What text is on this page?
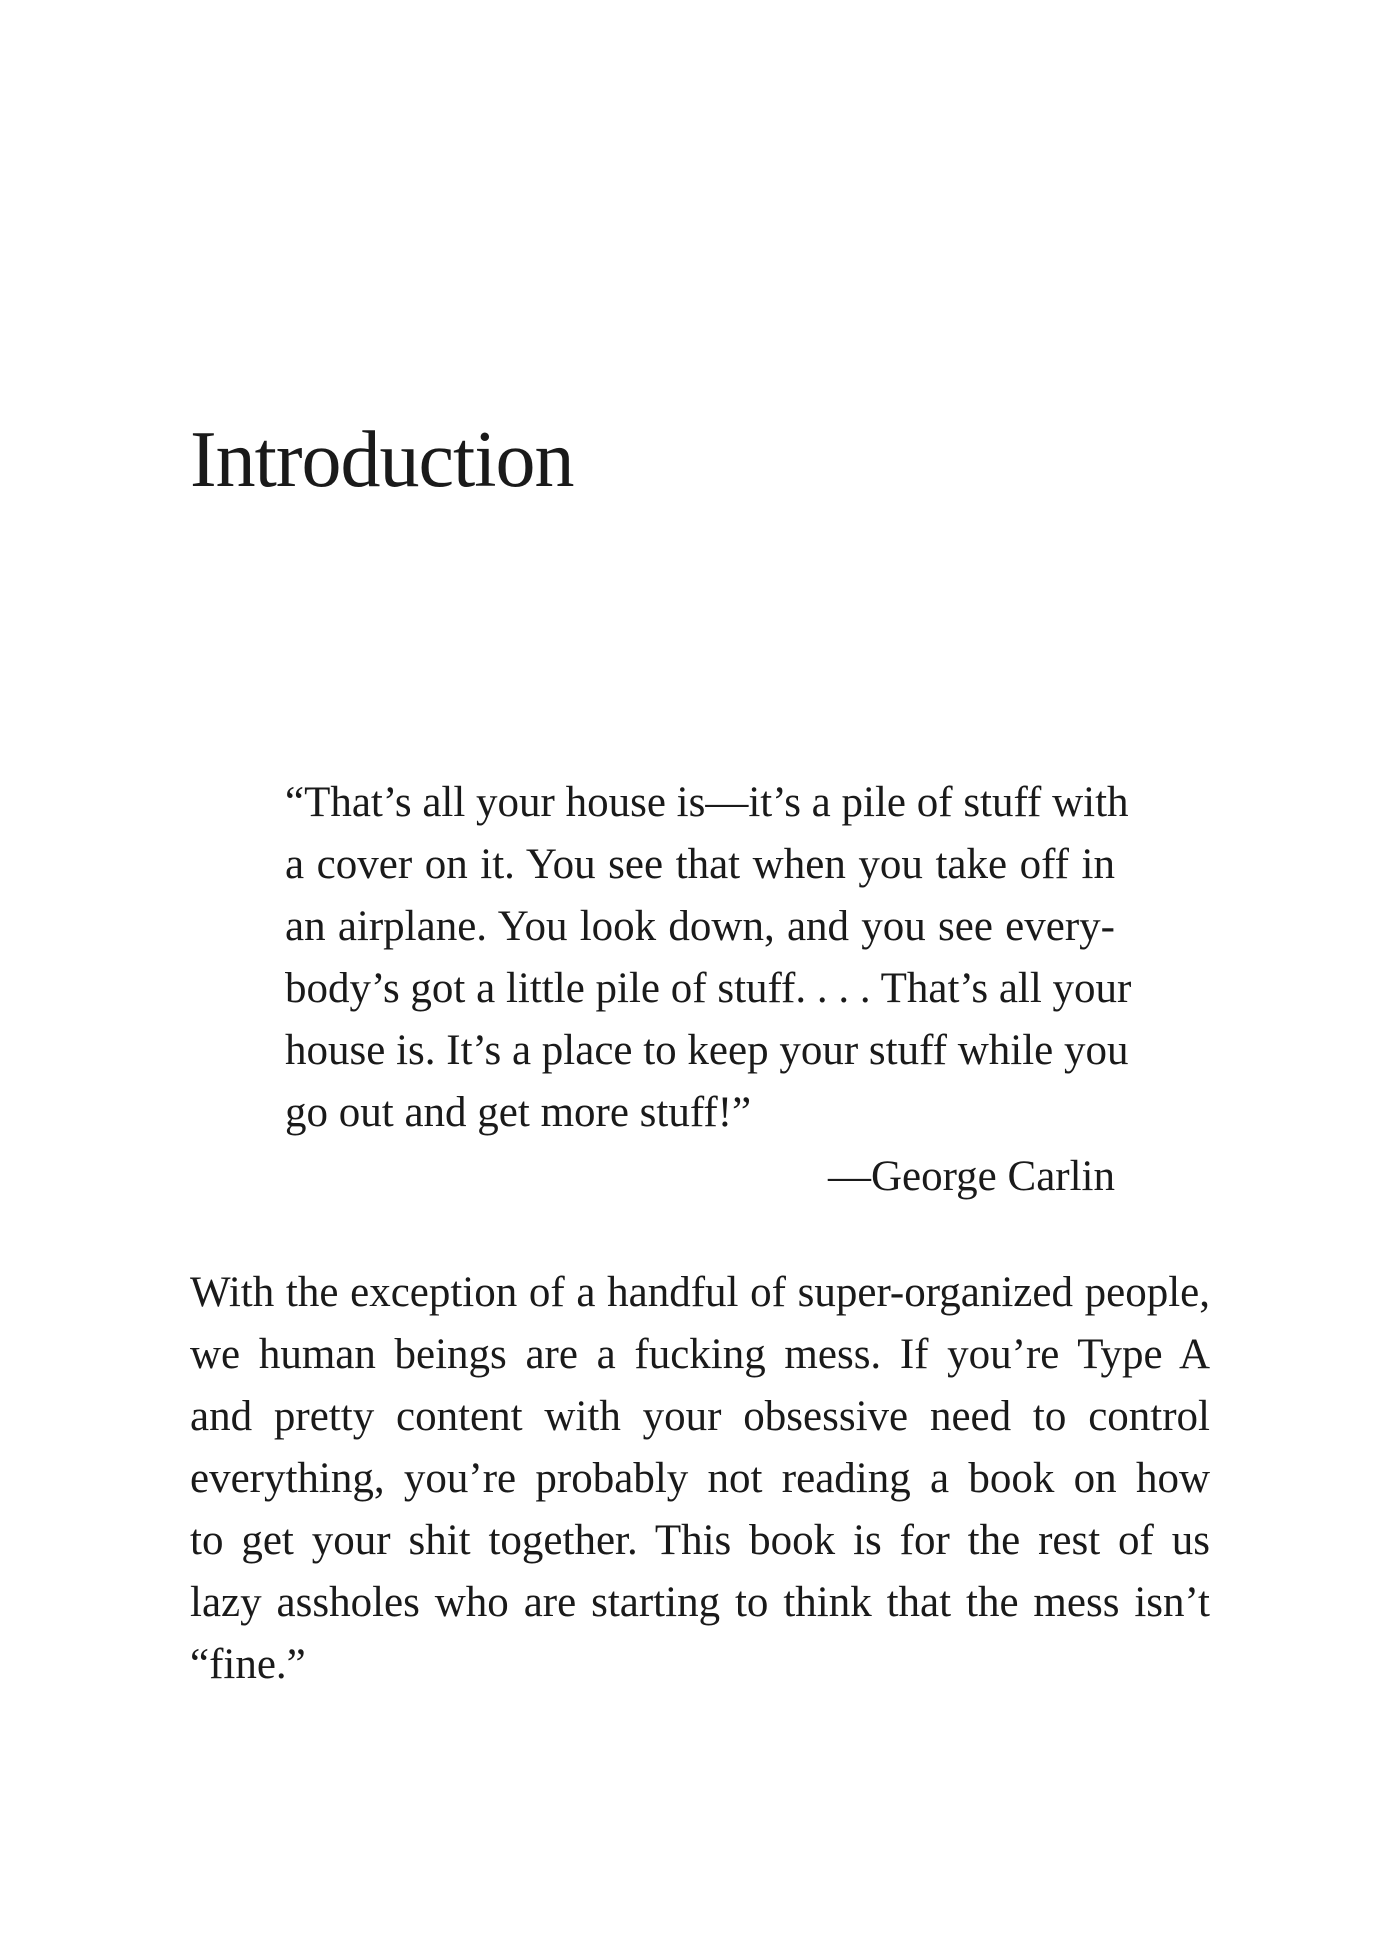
Introduction
“That’s all your house is—it’s a pile of stuff with
a cover on it. You see that when you take off in
an airplane. You look down, and you see every-
body’s got a little pile of stuff. . . . That’s all your
house is. It’s a place to keep your stuff while you
go out and get more stuff!”
—George Carlin

With the exception of a handful of super-organized people,
we human beings are a fucking mess. If you’re Type A
and pretty content with your obsessive need to control
everything, you’re probably not reading a book on how
to get your shit together. This book is for the rest of us
lazy assholes who are starting to think that the mess isn’t
“fine.”
